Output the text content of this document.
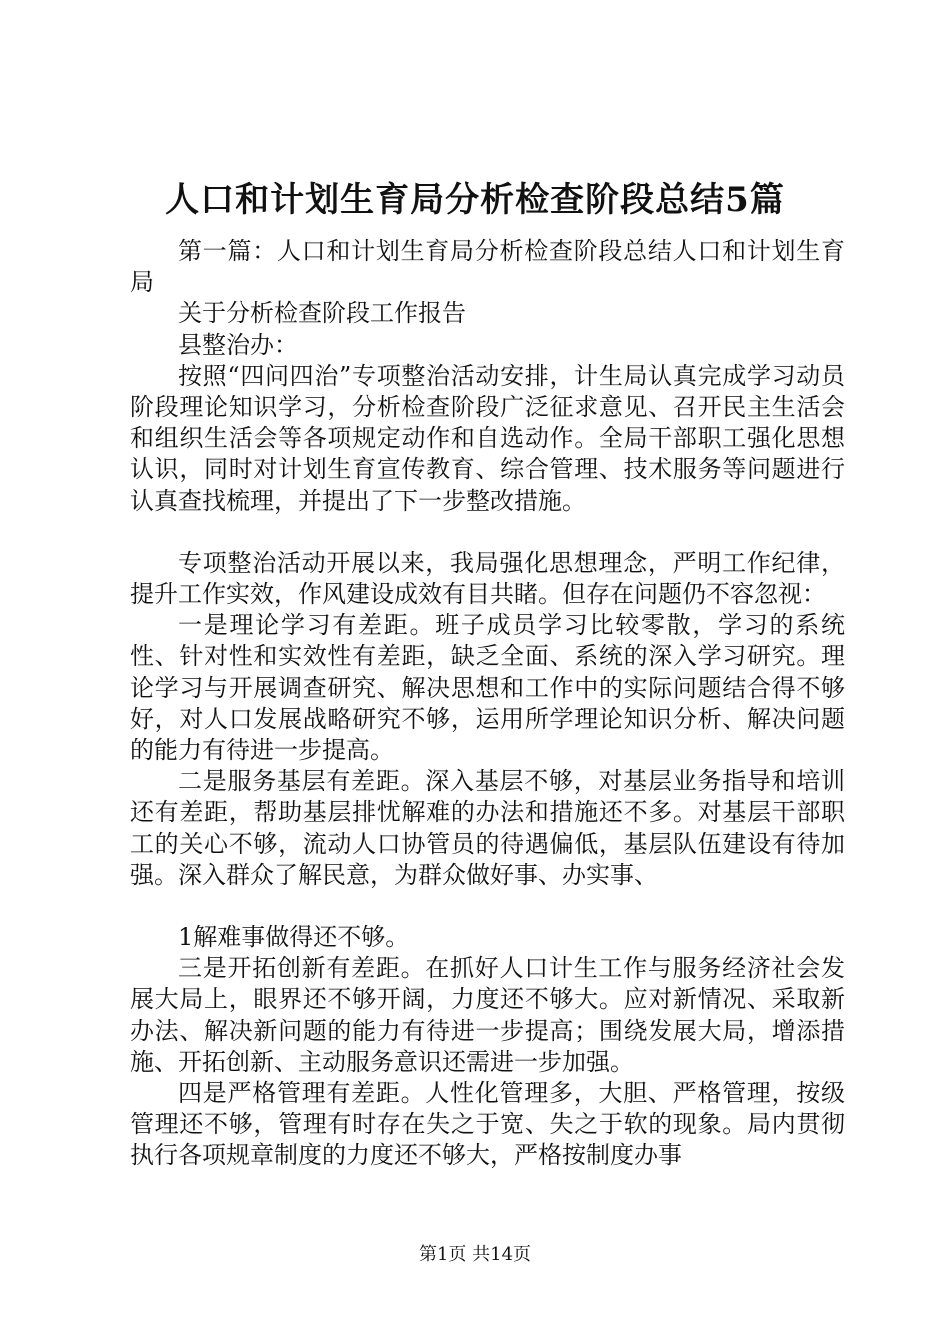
人口和计划生育局分析检查阶段总结5篇

第一篇：人口和计划生育局分析检查阶段总结人口和计划生育局

关于分析检查阶段工作报告

县整治办：

按照“四问四治”专项整治活动安排，计生局认真完成学习动员阶段理论知识学习，分析检查阶段广泛征求意见、召开民主生活会和组织生活会等各项规定动作和自选动作。全局干部职工强化思想认识，同时对计划生育宣传教育、综合管理、技术服务等问题进行认真查找梳理，并提出了下一步整改措施。

专项整治活动开展以来，我局强化思想理念，严明工作纪律，提升工作实效，作风建设成效有目共睹。但存在问题仍不容忽视：

一是理论学习有差距。班子成员学习比较零散，学习的系统性、针对性和实效性有差距，缺乏全面、系统的深入学习研究。理论学习与开展调查研究、解决思想和工作中的实际问题结合得不够好，对人口发展战略研究不够，运用所学理论知识分析、解决问题的能力有待进一步提高。

二是服务基层有差距。深入基层不够，对基层业务指导和培训还有差距，帮助基层排忧解难的办法和措施还不多。对基层干部职工的关心不够，流动人口协管员的待遇偏低，基层队伍建设有待加强。深入群众了解民意，为群众做好事、办实事、

1解难事做得还不够。

三是开拓创新有差距。在抓好人口计生工作与服务经济社会发展大局上，眼界还不够开阔，力度还不够大。应对新情况、采取新办法、解决新问题的能力有待进一步提高；围绕发展大局，增添措施、开拓创新、主动服务意识还需进一步加强。

四是严格管理有差距。人性化管理多，大胆、严格管理，按级管理还不够，管理有时存在失之于宽、失之于软的现象。局内贯彻执行各项规章制度的力度还不够大，严格按制度办事

第1页 共14页
